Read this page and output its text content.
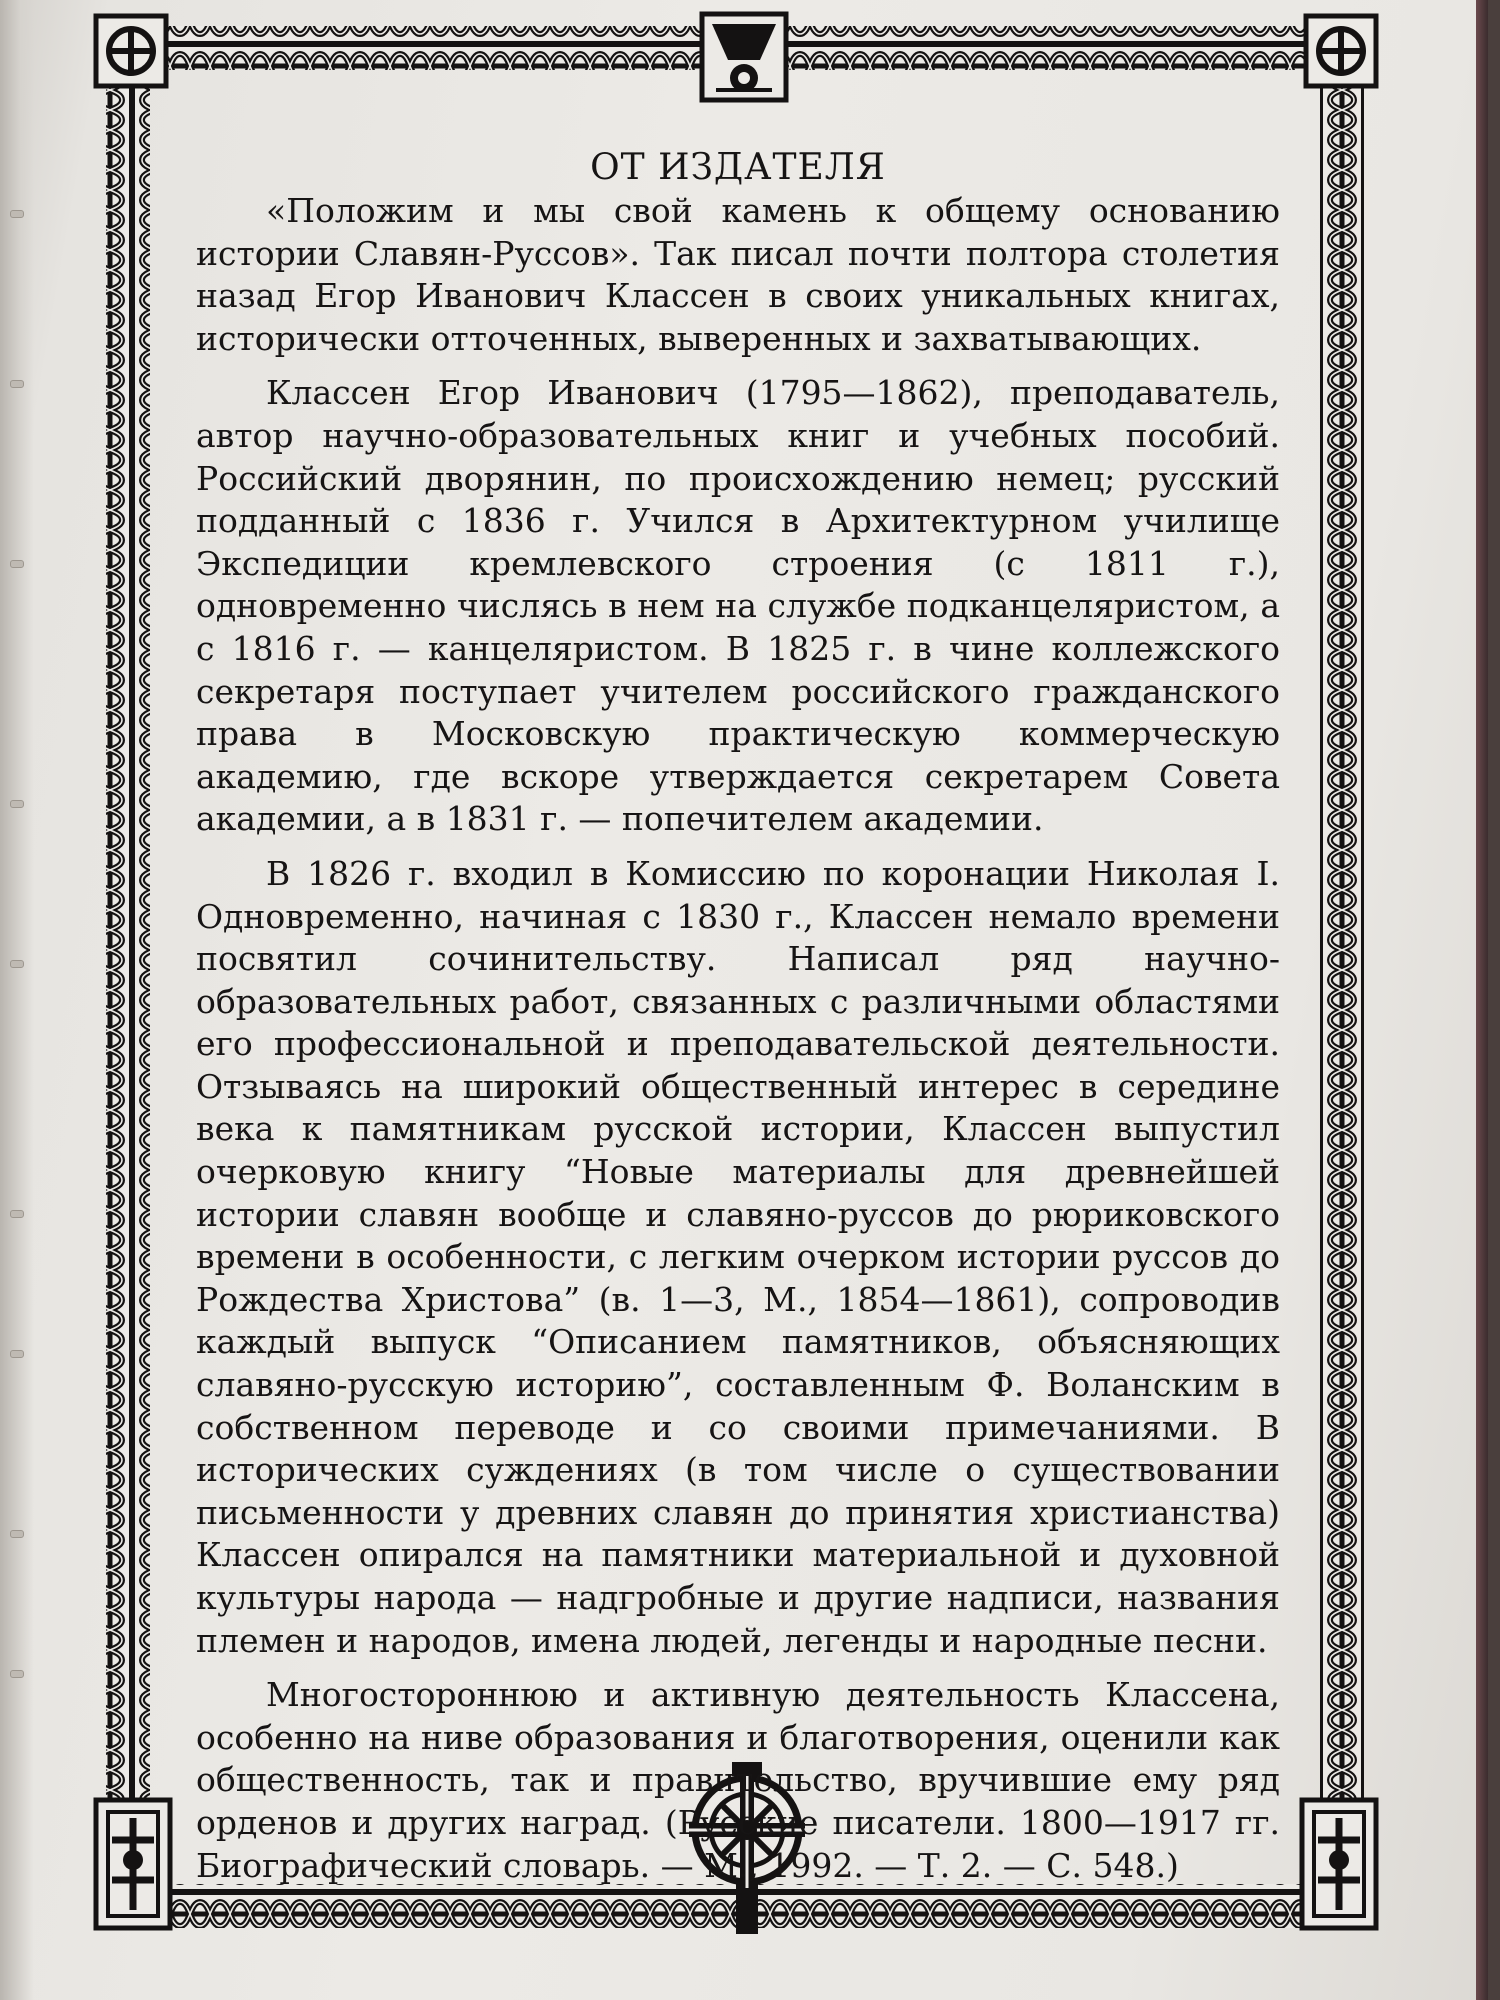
ОТ ИЗДАТЕЛЯ

«Положим и мы свой камень к общему основанию истории Славян-Руссов». Так писал почти полтора столетия назад Егор Иванович Классен в своих уникальных книгах, исторически отточенных, выверенных и захватывающих.

Классен Егор Иванович (1795—1862), преподаватель, автор научно-образовательных книг и учебных пособий. Российский дворянин, по происхождению немец; русский подданный с 1836 г. Учился в Архитектурном училище Экспедиции кремлевского строения (с 1811 г.), одновременно числясь в нем на службе подканцеляристом, а с 1816 г. — канцеляристом. В 1825 г. в чине коллежского секретаря поступает учителем российского гражданского права в Московскую практическую коммерческую академию, где вскоре утверждается секретарем Совета академии, а в 1831 г. — попечителем академии.

В 1826 г. входил в Комиссию по коронации Николая I. Одновременно, начиная с 1830 г., Классен немало времени посвятил сочинительству. Написал ряд научно-образовательных работ, связанных с различными областями его профессиональной и преподавательской деятельности. Отзываясь на широкий общественный интерес в середине века к памятникам русской истории, Классен выпустил очерковую книгу “Новые материалы для древнейшей истории славян вообще и славяно-руссов до рюриковского времени в особенности, с легким очерком истории руссов до Рождества Христова” (в. 1—3, М., 1854—1861), сопроводив каждый выпуск “Описанием памятников, объясняющих славяно-русскую историю”, составленным Ф. Воланским в собственном переводе и со своими примечаниями. В исторических суждениях (в том числе о существовании письменности у древних славян до принятия христианства) Классен опирался на памятники материальной и духовной культуры народа — надгробные и другие надписи, названия племен и народов, имена людей, легенды и народные песни.

Многостороннюю и активную деятельность Классена, особенно на ниве образования и благотворения, оценили как общественность, так и правительство, вручившие ему ряд орденов и других наград. (Русские писатели. 1800—1917 гг. Биографический словарь. — М., 1992. — Т. 2. — С. 548.)
